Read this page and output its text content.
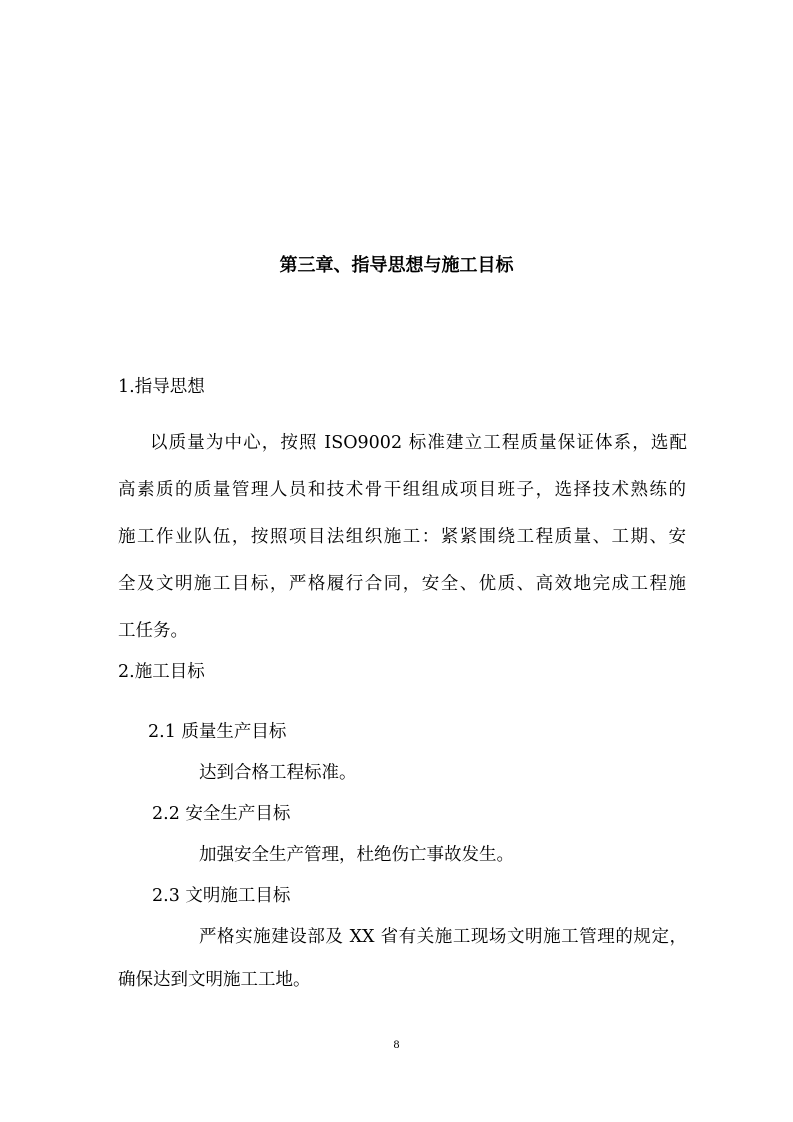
第三章、指导思想与施工目标
1.指导思想
以质量为中心，按照 ISO9002 标准建立工程质量保证体系，选配
高素质的质量管理人员和技术骨干组组成项目班子，选择技术熟练的
施工作业队伍，按照项目法组织施工：紧紧围绕工程质量、工期、安
全及文明施工目标，严格履行合同，安全、优质、高效地完成工程施
工任务。
2.施工目标
2.1 质量生产目标
达到合格工程标准。
2.2 安全生产目标
加强安全生产管理，杜绝伤亡事故发生。
2.3 文明施工目标
严格实施建设部及 XX 省有关施工现场文明施工管理的规定，
确保达到文明施工工地。
8
